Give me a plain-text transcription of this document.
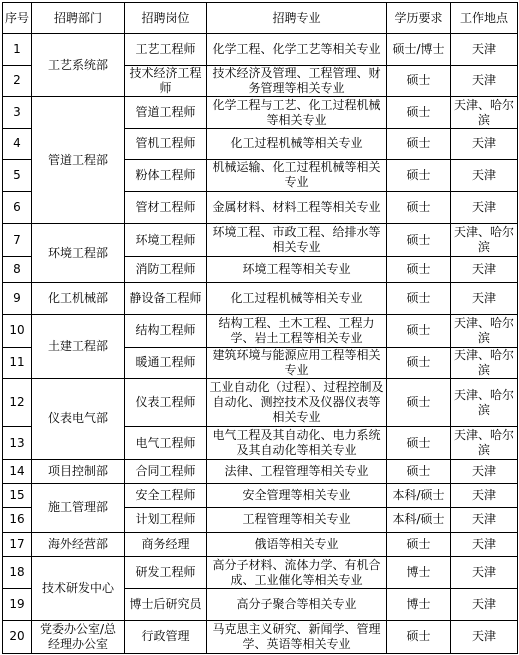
序号	招聘部门	招聘岗位	招聘专业	学历要求	工作地点
1	工艺系统部	工艺工程师	化学工程、化学工艺等相关专业	硕士/博士	天津
2		技术经济工程师	技术经济及管理、工程管理、财务管理等相关专业	硕士	天津
3	管道工程部	管道工程师	化学工程与工艺、化工过程机械等相关专业	硕士	天津、哈尔滨
4		管机工程师	化工过程机械等相关专业	硕士	天津
5		粉体工程师	机械运输、化工过程机械等相关专业	硕士	天津
6		管材工程师	金属材料、材料工程等相关专业	硕士	天津
7	环境工程部	环境工程师	环境工程、市政工程、给排水等相关专业	硕士	天津、哈尔滨
8		消防工程师	环境工程等相关专业	硕士	天津
9	化工机械部	静设备工程师	化工过程机械等相关专业	硕士	天津
10	土建工程部	结构工程师	结构工程、土木工程、工程力学、岩土工程等相关专业	硕士	天津、哈尔滨
11		暖通工程师	建筑环境与能源应用工程等相关专业	硕士	天津、哈尔滨
12	仪表电气部	仪表工程师	工业自动化（过程）、过程控制及自动化、测控技术及仪器仪表等相关专业	硕士	天津、哈尔滨
13		电气工程师	电气工程及其自动化、电力系统及其自动化等相关专业	硕士	天津、哈尔滨
14	项目控制部	合同工程师	法律、工程管理等相关专业	硕士	天津
15	施工管理部	安全工程师	安全管理等相关专业	本科/硕士	天津
16		计划工程师	工程管理等相关专业	本科/硕士	天津
17	海外经营部	商务经理	俄语等相关专业	硕士	天津
18	技术研发中心	研发工程师	高分子材料、流体力学、有机合成、工业催化等相关专业	博士	天津
19		博士后研究员	高分子聚合等相关专业	博士	天津
20	党委办公室/总经理办公室	行政管理	马克思主义研究、新闻学、管理学、英语等相关专业	硕士	天津
